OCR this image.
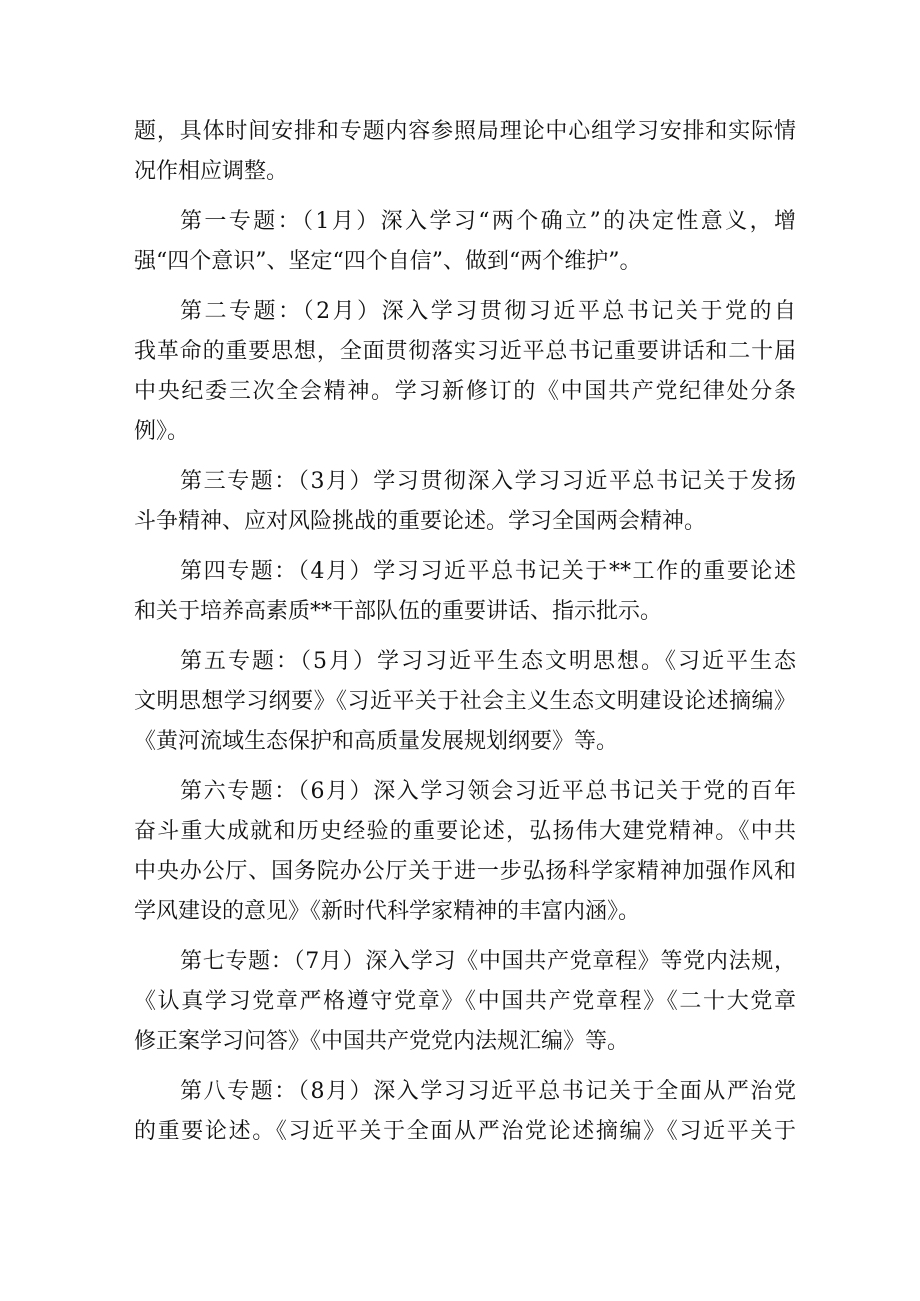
题，具体时间安排和专题内容参照局理论中心组学习安排和实际情
况作相应调整。
第一专题：（1月）深入学习“两个确立”的决定性意义，增
强“四个意识”、坚定“四个自信”、做到“两个维护”。
第二专题：（2月）深入学习贯彻习近平总书记关于党的自
我革命的重要思想，全面贯彻落实习近平总书记重要讲话和二十届
中央纪委三次全会精神。学习新修订的《中国共产党纪律处分条
例》。
第三专题：（3月）学习贯彻深入学习习近平总书记关于发扬
斗争精神、应对风险挑战的重要论述。学习全国两会精神。
第四专题：（4月）学习习近平总书记关于**工作的重要论述
和关于培养高素质**干部队伍的重要讲话、指示批示。
第五专题：（5月）学习习近平生态文明思想。《习近平生态
文明思想学习纲要》《习近平关于社会主义生态文明建设论述摘编》
《黄河流域生态保护和高质量发展规划纲要》等。
第六专题：（6月）深入学习领会习近平总书记关于党的百年
奋斗重大成就和历史经验的重要论述，弘扬伟大建党精神。《中共
中央办公厅、国务院办公厅关于进一步弘扬科学家精神加强作风和
学风建设的意见》《新时代科学家精神的丰富内涵》。
第七专题：（7月）深入学习《中国共产党章程》等党内法规，
《认真学习党章严格遵守党章》《中国共产党章程》《二十大党章
修正案学习问答》《中国共产党党内法规汇编》等。
第八专题：（8月）深入学习习近平总书记关于全面从严治党
的重要论述。《习近平关于全面从严治党论述摘编》《习近平关于
